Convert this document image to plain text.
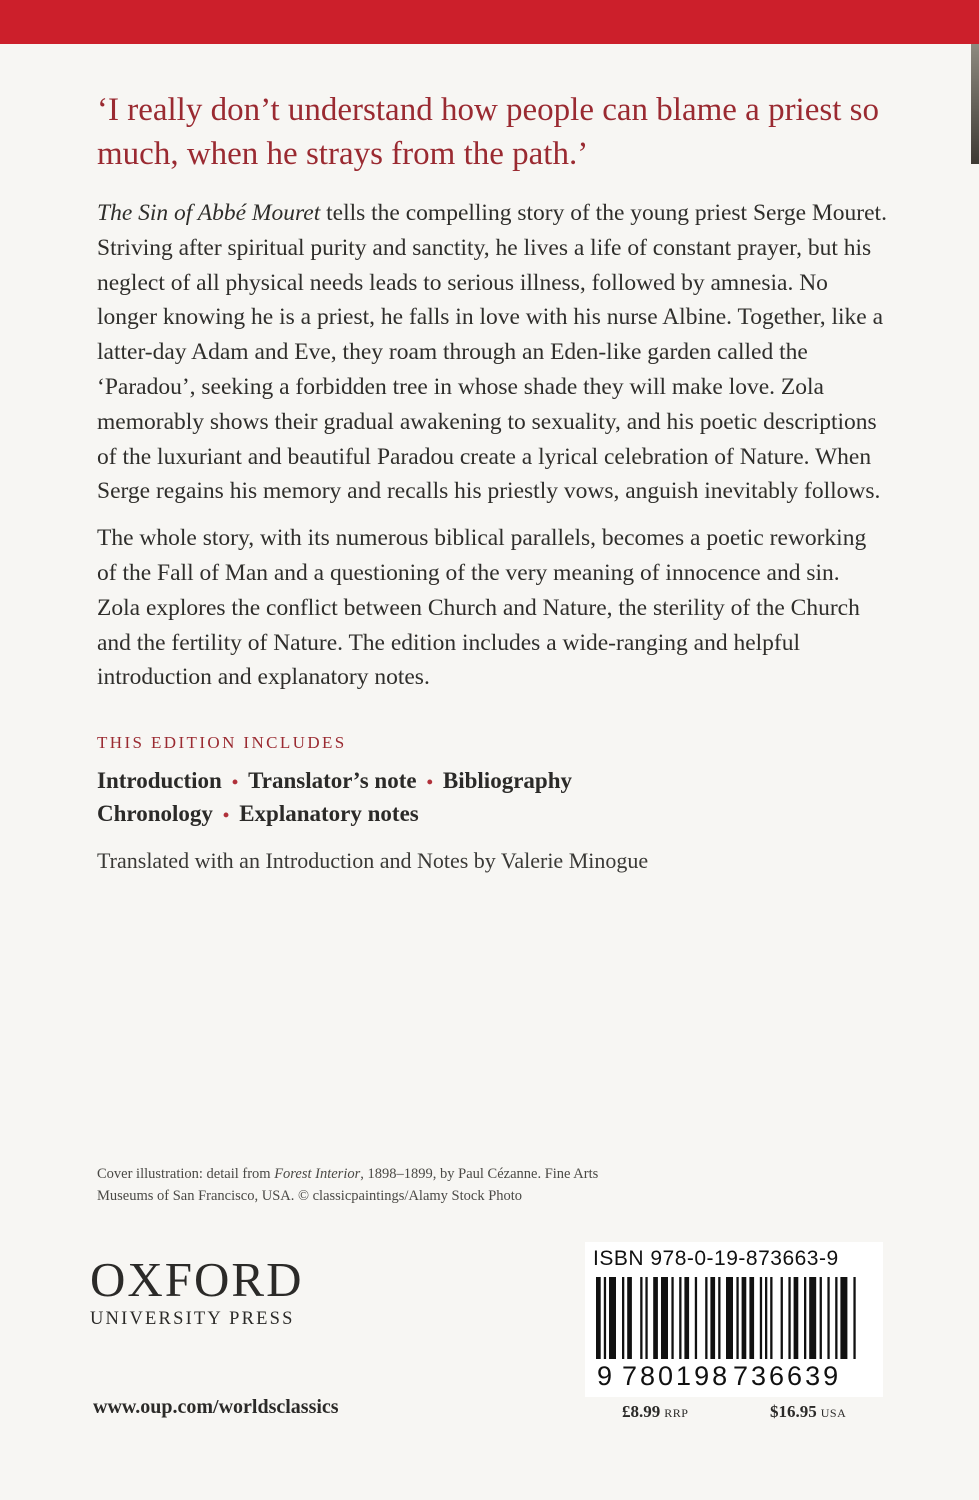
‘I really don’t understand how people can blame a priest so much, when he strays from the path.’

The Sin of Abbé Mouret tells the compelling story of the young priest Serge Mouret. Striving after spiritual purity and sanctity, he lives a life of constant prayer, but his neglect of all physical needs leads to serious illness, followed by amnesia. No longer knowing he is a priest, he falls in love with his nurse Albine. Together, like a latter-day Adam and Eve, they roam through an Eden-like garden called the ‘Paradou’, seeking a forbidden tree in whose shade they will make love. Zola memorably shows their gradual awakening to sexuality, and his poetic descriptions of the luxuriant and beautiful Paradou create a lyrical celebration of Nature. When Serge regains his memory and recalls his priestly vows, anguish inevitably follows.

The whole story, with its numerous biblical parallels, becomes a poetic reworking of the Fall of Man and a questioning of the very meaning of innocence and sin. Zola explores the conflict between Church and Nature, the sterility of the Church and the fertility of Nature. The edition includes a wide-ranging and helpful introduction and explanatory notes.

THIS EDITION INCLUDES
Introduction • Translator’s note • Bibliography
Chronology • Explanatory notes
Translated with an Introduction and Notes by Valerie Minogue
Cover illustration: detail from Forest Interior, 1898–1899, by Paul Cézanne. Fine Arts
Museums of San Francisco, USA. © classicpaintings/Alamy Stock Photo
OXFORD
UNIVERSITY PRESS
www.oup.com/worldsclassics
ISBN 978-0-19-873663-9
9 780198 736639
£8.99 RRP	$16.95 USA
